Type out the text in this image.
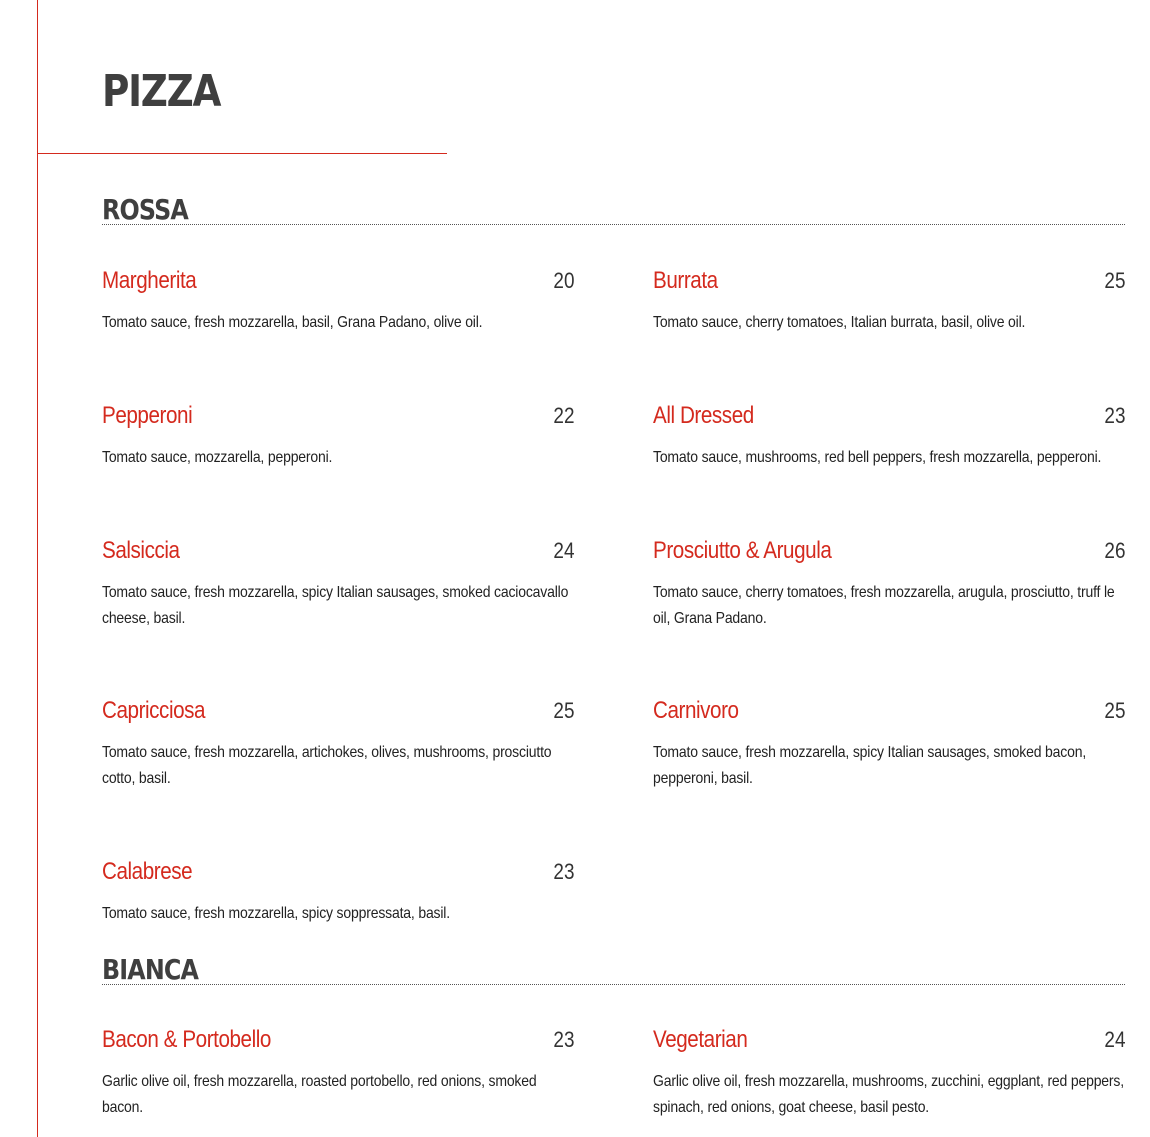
PIZZA
ROSSA
Margherita	20

Tomato sauce, fresh mozzarella, basil, Grana Padano, olive oil.

Burrata	25

Tomato sauce, cherry tomatoes, Italian burrata, basil, olive oil.

Pepperoni	22

Tomato sauce, mozzarella, pepperoni.

All Dressed	23

Tomato sauce, mushrooms, red bell peppers, fresh mozzarella, pepperoni.

Salsiccia	24

Tomato sauce, fresh mozzarella, spicy Italian sausages, smoked caciocavallo cheese, basil.

Prosciutto & Arugula	26

Tomato sauce, cherry tomatoes, fresh mozzarella, arugula, prosciutto, truff le oil, Grana Padano.

Capricciosa	25

Tomato sauce, fresh mozzarella, artichokes, olives, mushrooms, prosciutto cotto, basil.

Carnivoro	25

Tomato sauce, fresh mozzarella, spicy Italian sausages, smoked bacon, pepperoni, basil.

Calabrese	23

Tomato sauce, fresh mozzarella, spicy soppressata, basil.

BIANCA
Bacon & Portobello	23

Garlic olive oil, fresh mozzarella, roasted portobello, red onions, smoked bacon.

Vegetarian	24

Garlic olive oil, fresh mozzarella, mushrooms, zucchini, eggplant, red peppers, spinach, red onions, goat cheese, basil pesto.
